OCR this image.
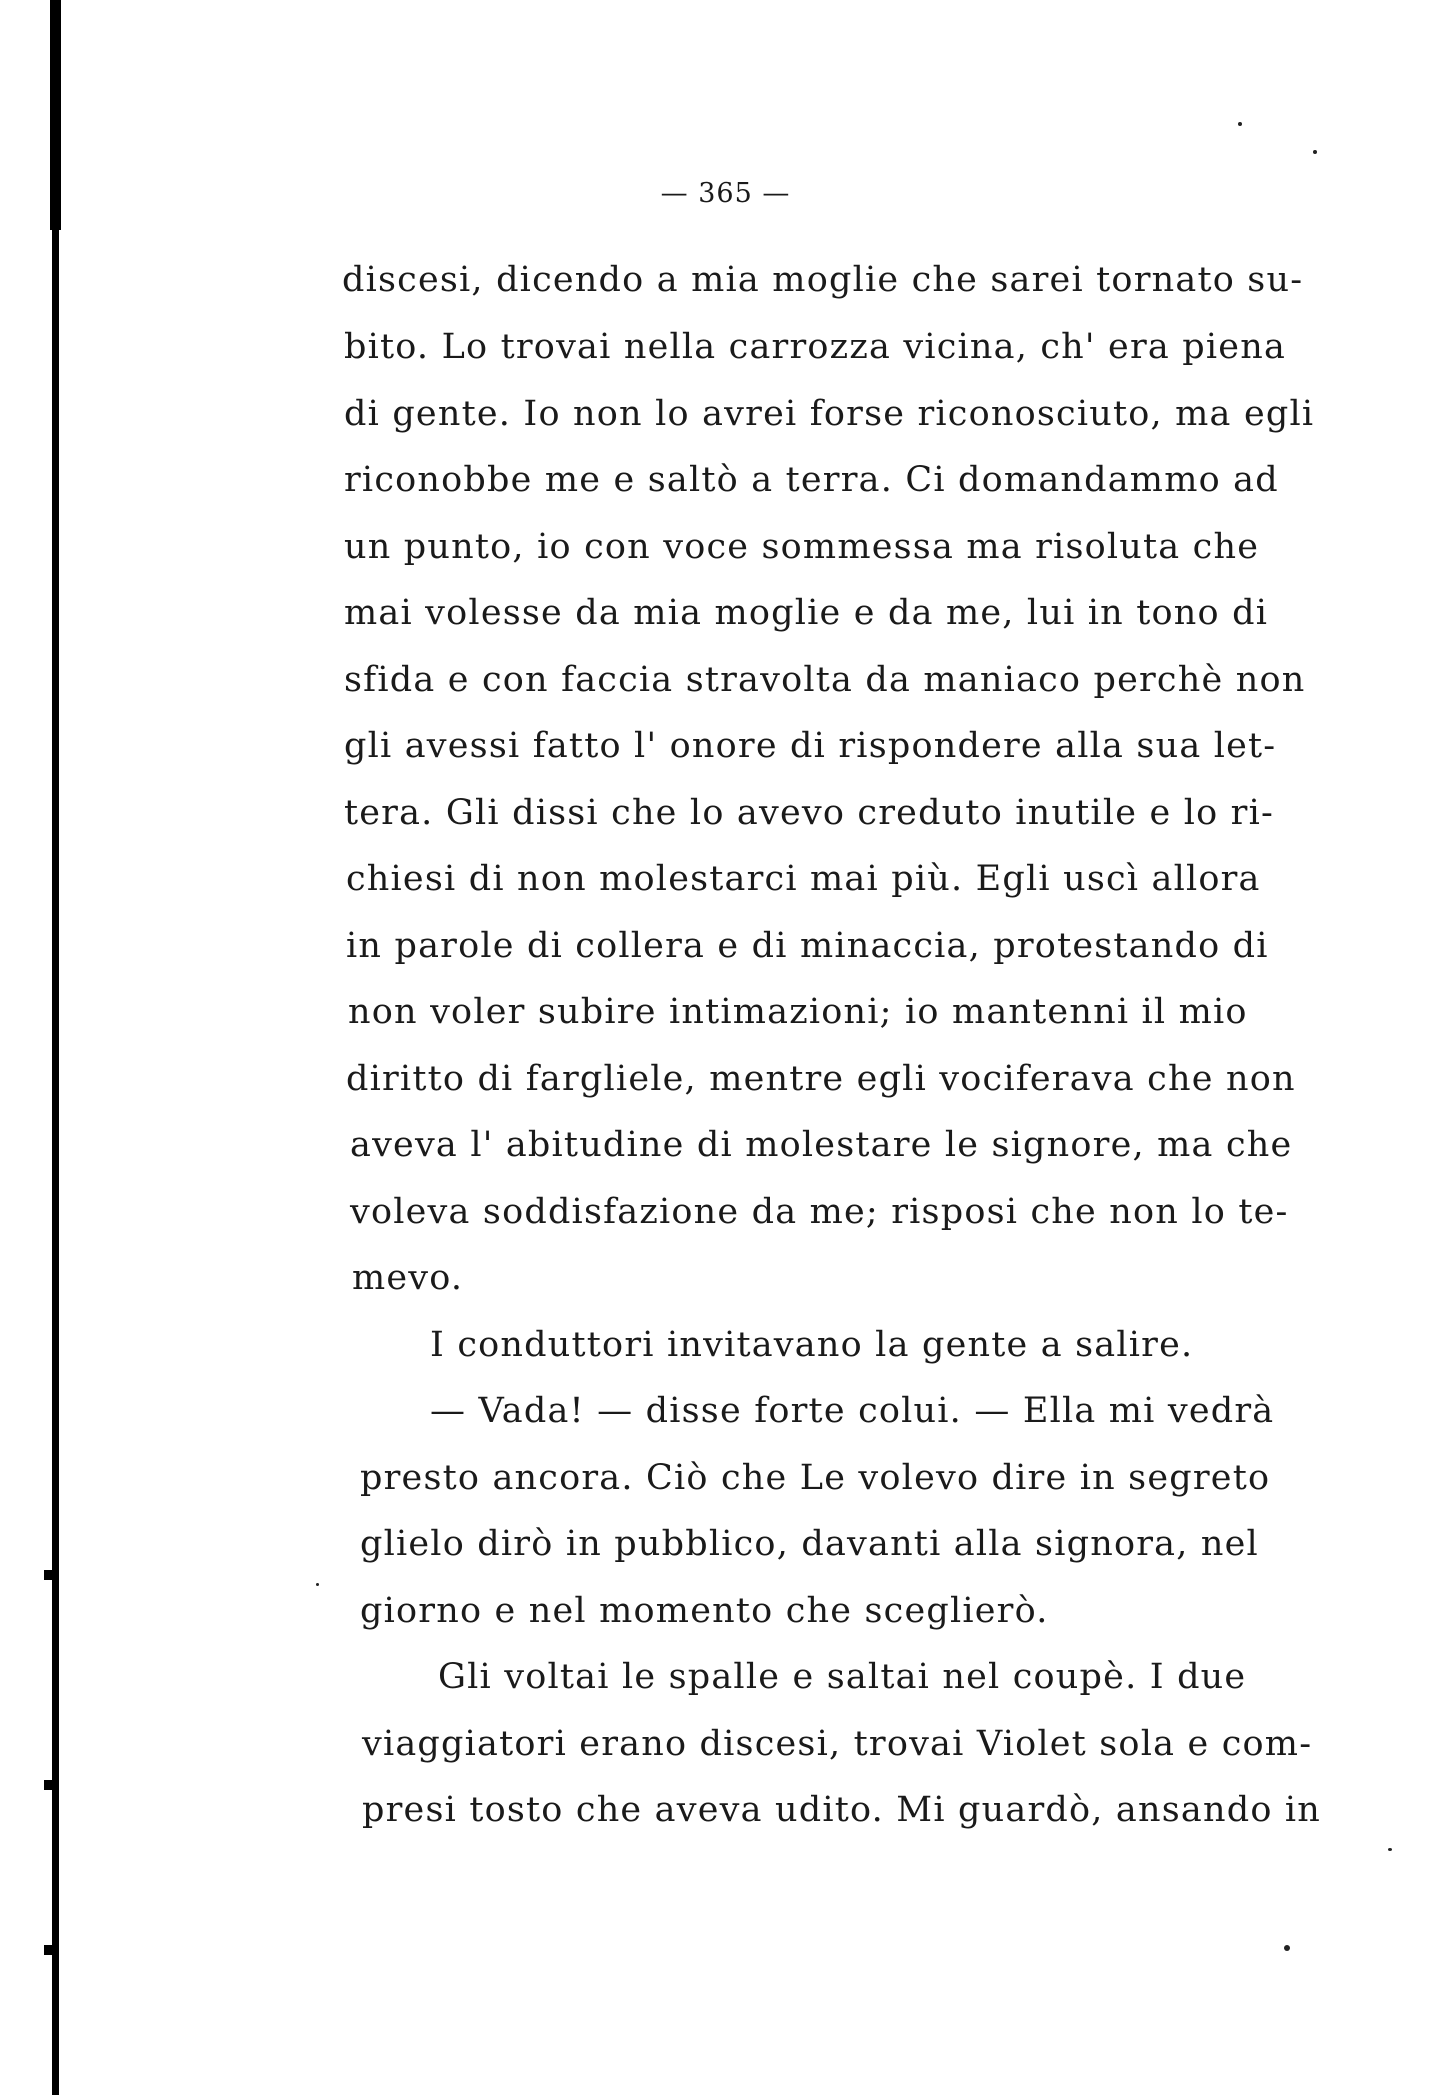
— 365 —
discesi, dicendo a mia moglie che sarei tornato su-
bito. Lo trovai nella carrozza vicina, ch' era piena
di gente. Io non lo avrei forse riconosciuto, ma egli
riconobbe me e saltò a terra. Ci domandammo ad
un punto, io con voce sommessa ma risoluta che
mai volesse da mia moglie e da me, lui in tono di
sfida e con faccia stravolta da maniaco perchè non
gli avessi fatto l' onore di rispondere alla sua let-
tera. Gli dissi che lo avevo creduto inutile e lo ri-
chiesi di non molestarci mai più. Egli uscì allora
in parole di collera e di minaccia, protestando di
non voler subire intimazioni; io mantenni il mio
diritto di fargliele, mentre egli vociferava che non
aveva l' abitudine di molestare le signore, ma che
voleva soddisfazione da me; risposi che non lo te-
mevo.
I conduttori invitavano la gente a salire.
— Vada! — disse forte colui. — Ella mi vedrà
presto ancora. Ciò che Le volevo dire in segreto
glielo dirò in pubblico, davanti alla signora, nel
giorno e nel momento che sceglierò.
Gli voltai le spalle e saltai nel coupè. I due
viaggiatori erano discesi, trovai Violet sola e com-
presi tosto che aveva udito. Mi guardò, ansando in
